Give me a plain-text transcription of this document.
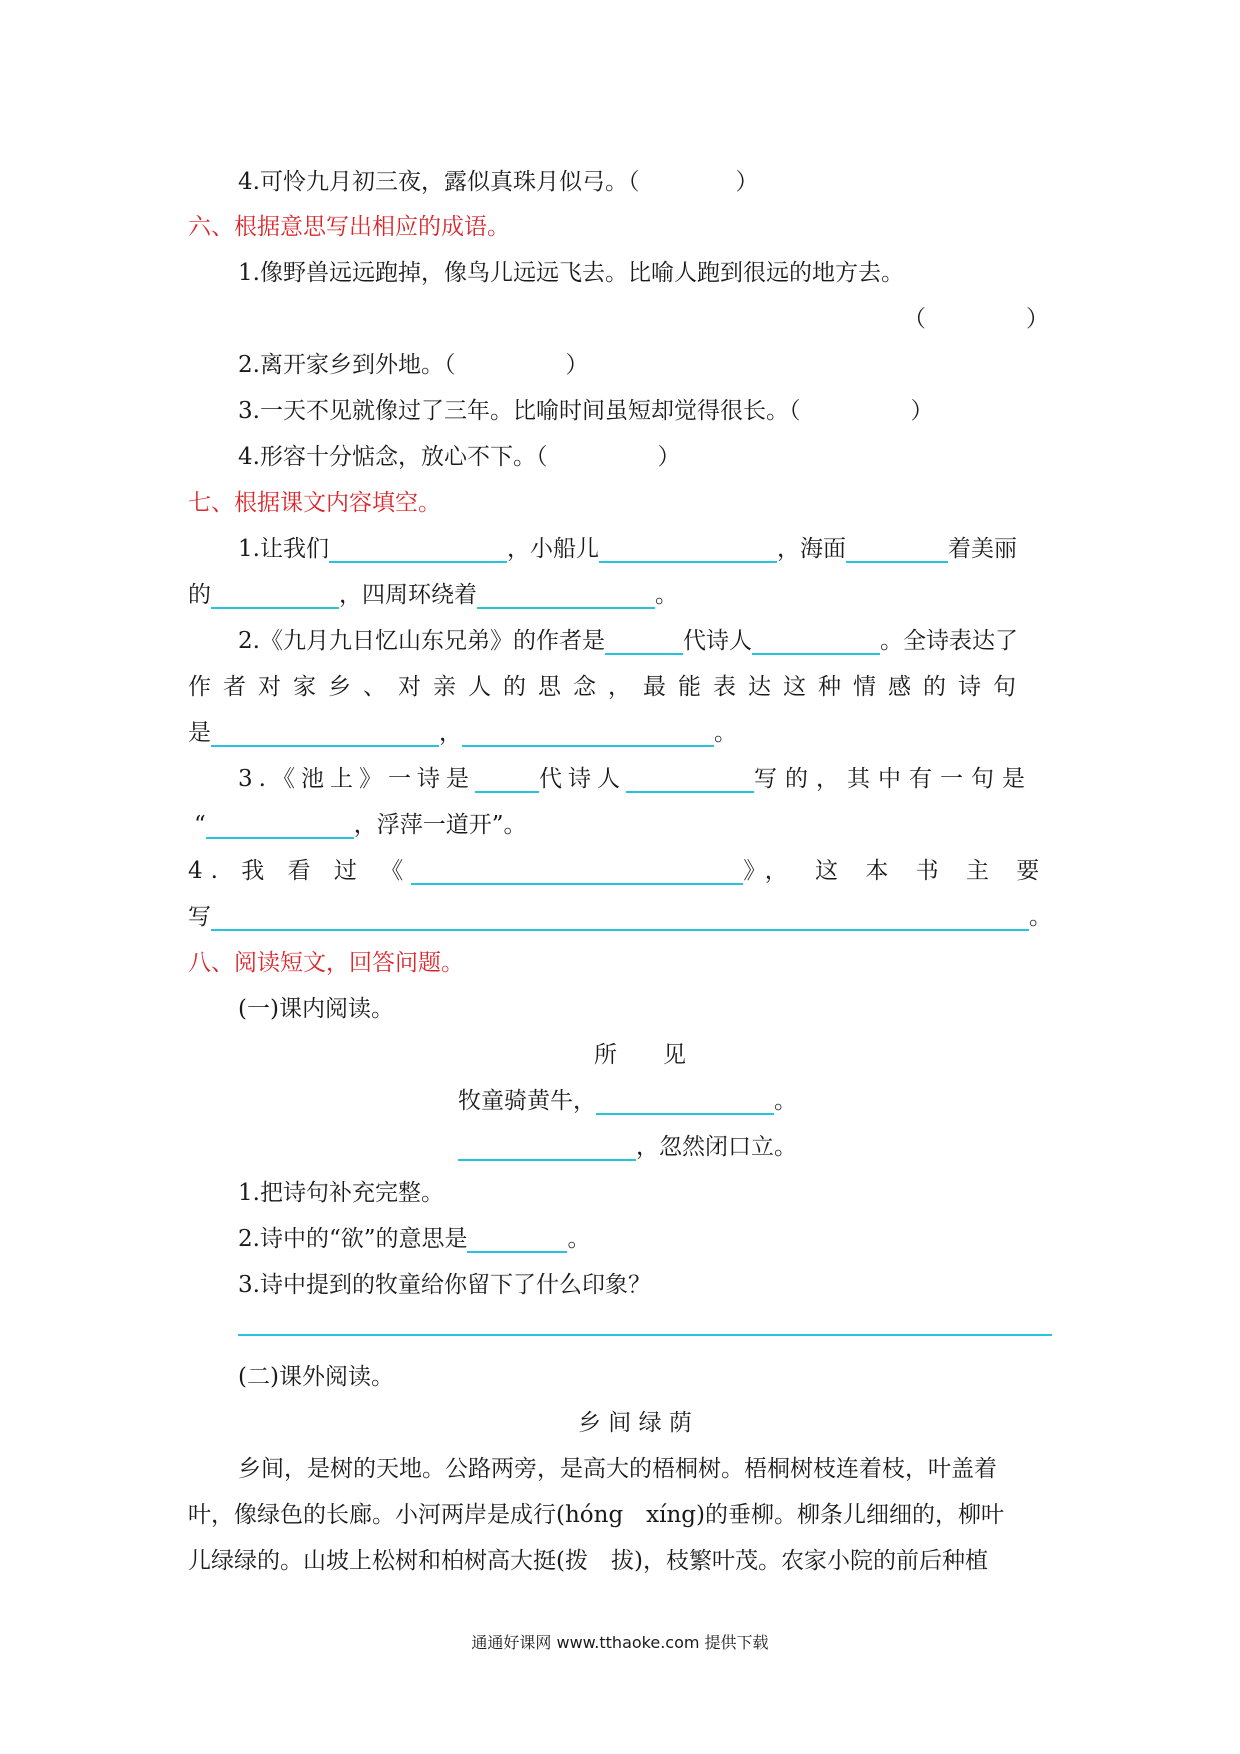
4.可怜九月初三夜，露似真珠月似弓。（	）
六、根据意思写出相应的成语。
1.像野兽远远跑掉，像鸟儿远远飞去。比喻人跑到很远的地方去。
（	）
2.离开家乡到外地。（	）
3.一天不见就像过了三年。比喻时间虽短却觉得很长。（	）
4.形容十分惦念，放心不下。（	）
七、根据课文内容填空。
1.让我们	，小船儿	，海面	着美丽
的	，四周环绕着	。
2.《九月九日忆山东兄弟》的作者是	代诗人	。全诗表达了
作者对家乡、对亲人的思念，最能表达这种情感的诗句
是	，	。
3.《池上》一诗是	代诗人	写的，其中有一句是
“	，浮萍一道开”。
4. 我 看 过 《	》， 这 本 书 主 要
写	。
八、阅读短文，回答问题。
(一)课内阅读。
所　　见
牧童骑黄牛，	。
，忽然闭口立。
1.把诗句补充完整。
2.诗中的“欲”的意思是	。
3.诗中提到的牧童给你留下了什么印象？
(二)课外阅读。
乡 间 绿 荫
乡间，是树的天地。公路两旁，是高大的梧桐树。梧桐树枝连着枝，叶盖着
叶，像绿色的长廊。小河两岸是成行(hóng　xíng)的垂柳。柳条儿细细的，柳叶
儿绿绿的。山坡上松树和柏树高大挺(拨　拔)，枝繁叶茂。农家小院的前后种植
通通好课网 www.tthaoke.com 提供下载
